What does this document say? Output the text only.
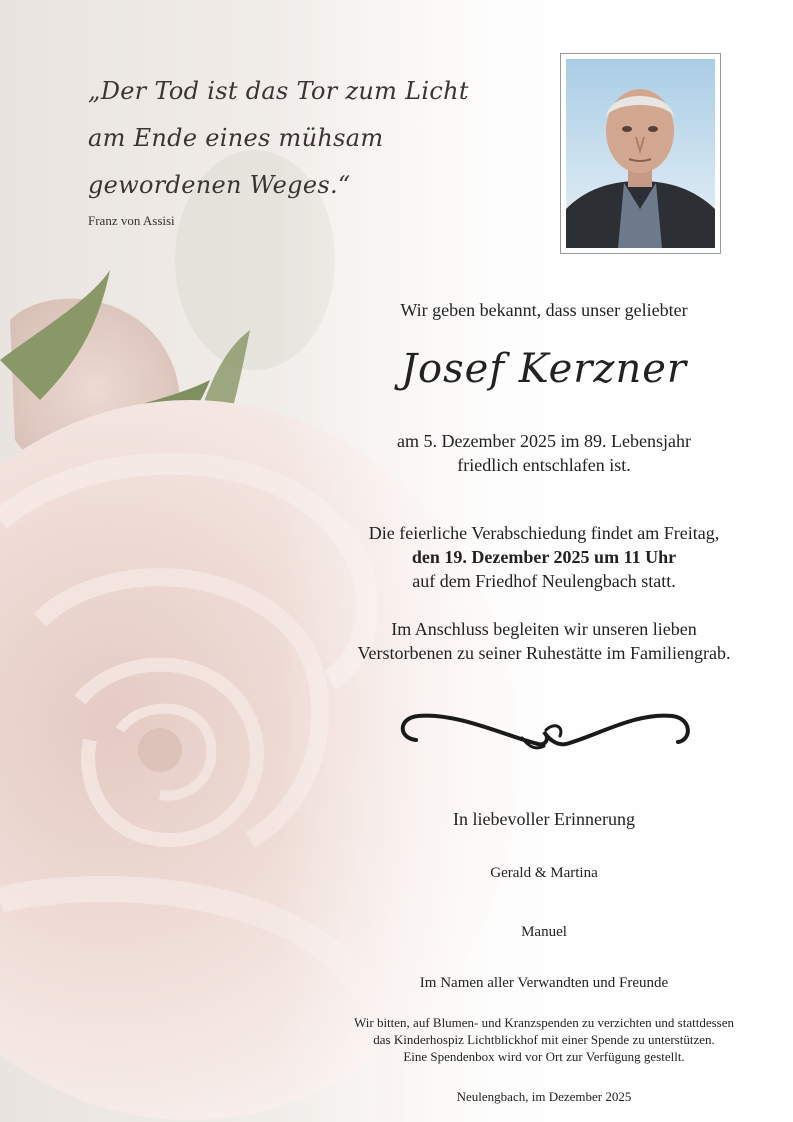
„Der Tod ist das Tor zum Licht
am Ende eines mühsam
gewordenen Weges.“
Franz von Assisi
Wir geben bekannt, dass unser geliebter
Josef Kerzner
am 5. Dezember 2025 im 89. Lebensjahr
friedlich entschlafen ist.
Die feierliche Verabschiedung findet am Freitag,
den 19. Dezember 2025 um 11 Uhr
auf dem Friedhof Neulengbach statt.
Im Anschluss begleiten wir unseren lieben
Verstorbenen zu seiner Ruhestätte im Familiengrab.
In liebevoller Erinnerung
Gerald & Martina
Manuel
Im Namen aller Verwandten und Freunde
Wir bitten, auf Blumen- und Kranzspenden zu verzichten und stattdessen
das Kinderhospiz Lichtblickhof mit einer Spende zu unterstützen.
Eine Spendenbox wird vor Ort zur Verfügung gestellt.
Neulengbach, im Dezember 2025
